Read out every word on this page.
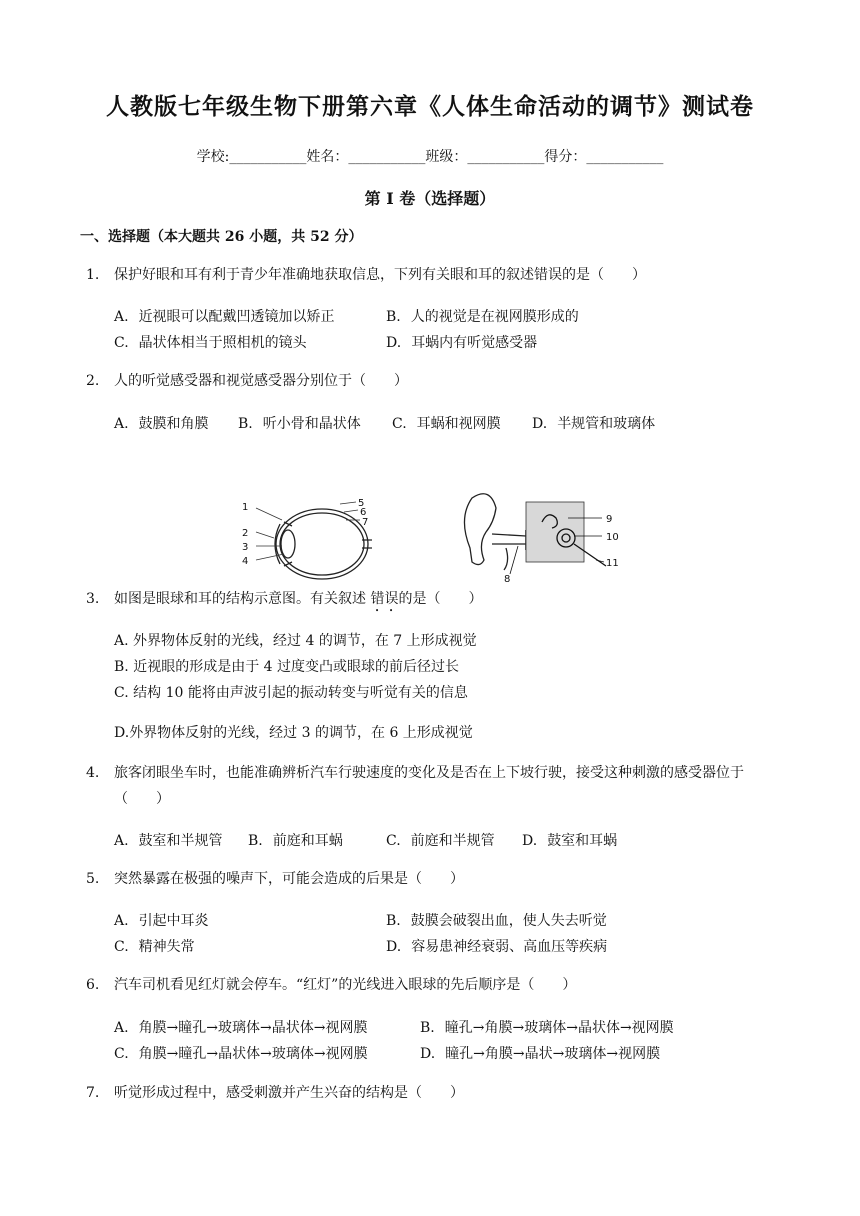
人教版七年级生物下册第六章《人体生命活动的调节》测试卷
学校:___________姓名：___________班级：___________得分：___________
第 I 卷（选择题）
一、选择题（本大题共 26 小题，共 52 分）
1.	保护好眼和耳有利于青少年准确地获取信息，下列有关眼和耳的叙述错误的是（　　）
A. 近视眼可以配戴凹透镜加以矫正	B. 人的视觉是在视网膜形成的
C. 晶状体相当于照相机的镜头	D. 耳蜗内有听觉感受器
2.	人的听觉感受器和视觉感受器分别位于（　　）
A. 鼓膜和角膜 B. 听小骨和晶状体 C. 耳蜗和视网膜 D. 半规管和玻璃体
1
2
3
4
5
6
7
8
9
10
11
3.	如图是眼球和耳的结构示意图。有关叙述 错误的是（　　）
A. 外界物体反射的光线，经过 4 的调节，在 7 上形成视觉
B. 近视眼的形成是由于 4 过度变凸或眼球的前后径过长
C. 结构 10 能将由声波引起的振动转变与听觉有关的信息
D.外界物体反射的光线，经过 3 的调节，在 6 上形成视觉
4.	旅客闭眼坐车时，也能准确辨析汽车行驶速度的变化及是否在上下坡行驶，接受这种刺激的感受器位于（　　）
A. 鼓室和半规管 B. 前庭和耳蜗	C. 前庭和半规管 D. 鼓室和耳蜗
5.	突然暴露在极强的噪声下，可能会造成的后果是（　　）
A. 引起中耳炎	B. 鼓膜会破裂出血，使人失去听觉
C. 精神失常	D. 容易患神经衰弱、高血压等疾病
6.	汽车司机看见红灯就会停车。“红灯”的光线进入眼球的先后顺序是（　　）
A. 角膜→瞳孔→玻璃体→晶状体→视网膜	B. 瞳孔→角膜→玻璃体→晶状体→视网膜
C. 角膜→瞳孔→晶状体→玻璃体→视网膜	D. 瞳孔→角膜→晶状→玻璃体→视网膜
7.	听觉形成过程中，感受刺激并产生兴奋的结构是（　　）
